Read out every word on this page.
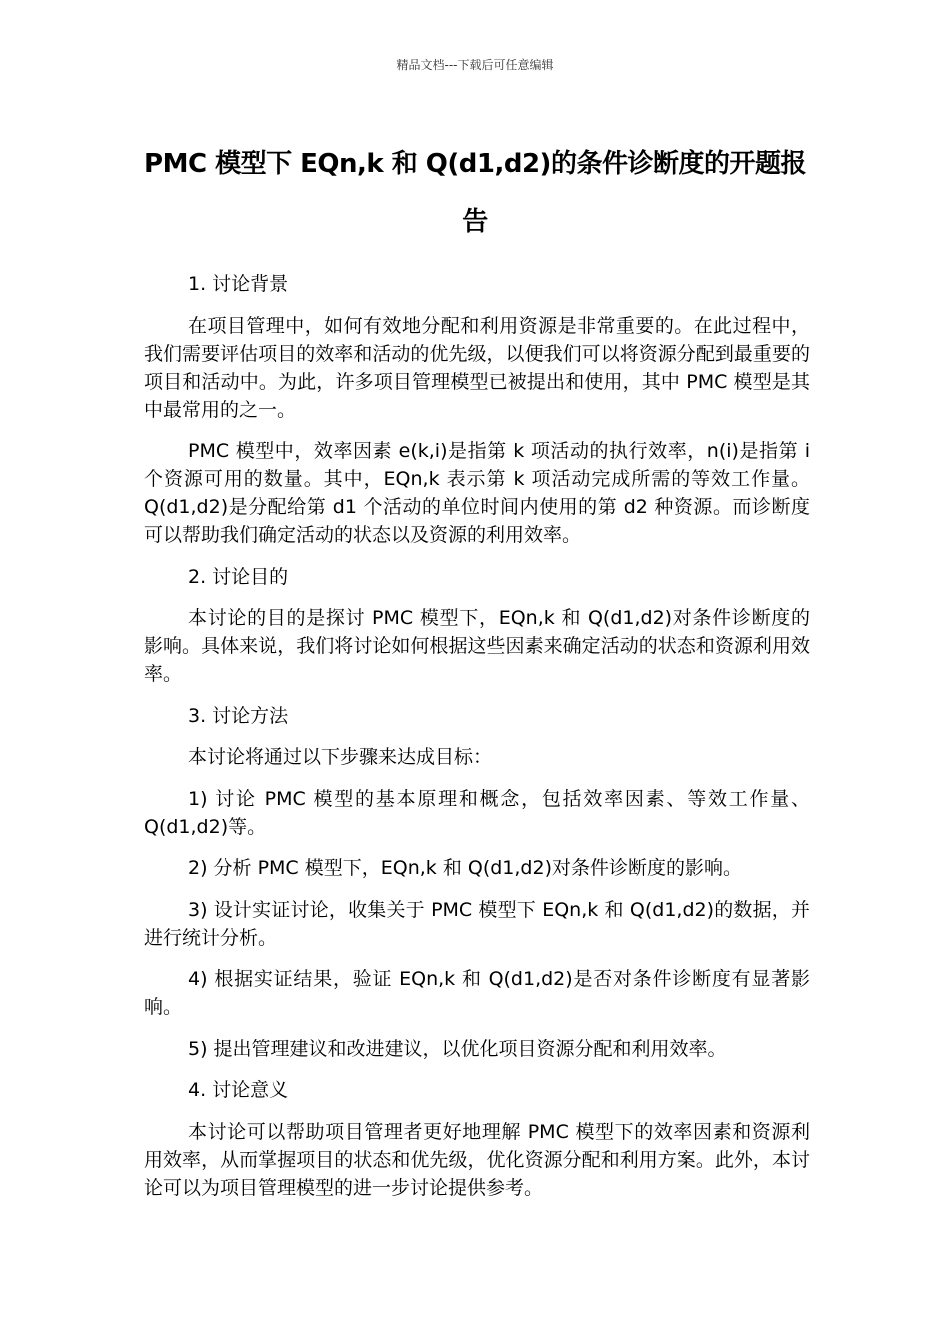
精品文档---下载后可任意编辑
PMC 模型下 EQn,k 和 Q(d1,d2)的条件诊断度的开题报告

1. 讨论背景

在项目管理中，如何有效地分配和利用资源是非常重要的。在此过程中，我们需要评估项目的效率和活动的优先级，以便我们可以将资源分配到最重要的项目和活动中。为此，许多项目管理模型已被提出和使用，其中 PMC 模型是其中最常用的之一。

PMC 模型中，效率因素 e(k,i)是指第 k 项活动的执行效率，n(i)是指第 i 个资源可用的数量。其中，EQn,k 表示第 k 项活动完成所需的等效工作量。Q(d1,d2)是分配给第 d1 个活动的单位时间内使用的第 d2 种资源。而诊断度可以帮助我们确定活动的状态以及资源的利用效率。

2. 讨论目的

本讨论的目的是探讨 PMC 模型下，EQn,k 和 Q(d1,d2)对条件诊断度的影响。具体来说，我们将讨论如何根据这些因素来确定活动的状态和资源利用效率。

3. 讨论方法

本讨论将通过以下步骤来达成目标：

1) 讨论 PMC 模型的基本原理和概念，包括效率因素、等效工作量、Q(d1,d2)等。

2) 分析 PMC 模型下，EQn,k 和 Q(d1,d2)对条件诊断度的影响。

3) 设计实证讨论，收集关于 PMC 模型下 EQn,k 和 Q(d1,d2)的数据，并进行统计分析。

4) 根据实证结果，验证 EQn,k 和 Q(d1,d2)是否对条件诊断度有显著影响。

5) 提出管理建议和改进建议，以优化项目资源分配和利用效率。

4. 讨论意义

本讨论可以帮助项目管理者更好地理解 PMC 模型下的效率因素和资源利用效率，从而掌握项目的状态和优先级，优化资源分配和利用方案。此外，本讨论可以为项目管理模型的进一步讨论提供参考。
